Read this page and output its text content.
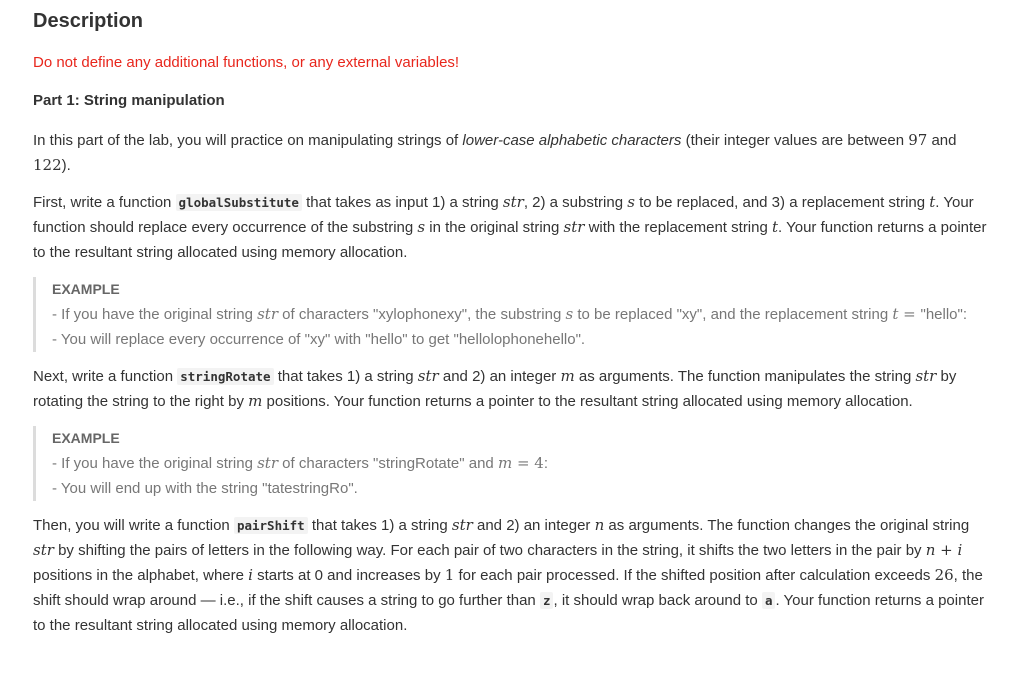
Description
Do not define any additional functions, or any external variables!
Part 1: String manipulation

In this part of the lab, you will practice on manipulating strings of lower-case alphabetic characters (their integer values are between 97 and 122).

First, write a function globalSubstitute that takes as input 1) a string str, 2) a substring s to be replaced, and 3) a replacement string t. Your function should replace every occurrence of the substring s in the original string str with the replacement string t. Your function returns a pointer to the resultant string allocated using memory allocation.

EXAMPLE

- If you have the original string str of characters "xylophonexy", the substring s to be replaced "xy", and the replacement string t = "hello":

- You will replace every occurrence of "xy" with "hello" to get "hellolophonehello".

Next, write a function stringRotate that takes 1) a string str and 2) an integer m as arguments. The function manipulates the string str by rotating the string to the right by m positions. Your function returns a pointer to the resultant string allocated using memory allocation.

EXAMPLE

- If you have the original string str of characters "stringRotate" and m = 4:

- You will end up with the string "tatestringRo".

Then, you will write a function pairShift that takes 1) a string str and 2) an integer n as arguments. The function changes the original string str by shifting the pairs of letters in the following way. For each pair of two characters in the string, it shifts the two letters in the pair by n + i positions in the alphabet, where i starts at 0 and increases by 1 for each pair processed. If the shifted position after calculation exceeds 26, the shift should wrap around — i.e., if the shift causes a string to go further than z , it should wrap back around to a . Your function returns a pointer to the resultant string allocated using memory allocation.
